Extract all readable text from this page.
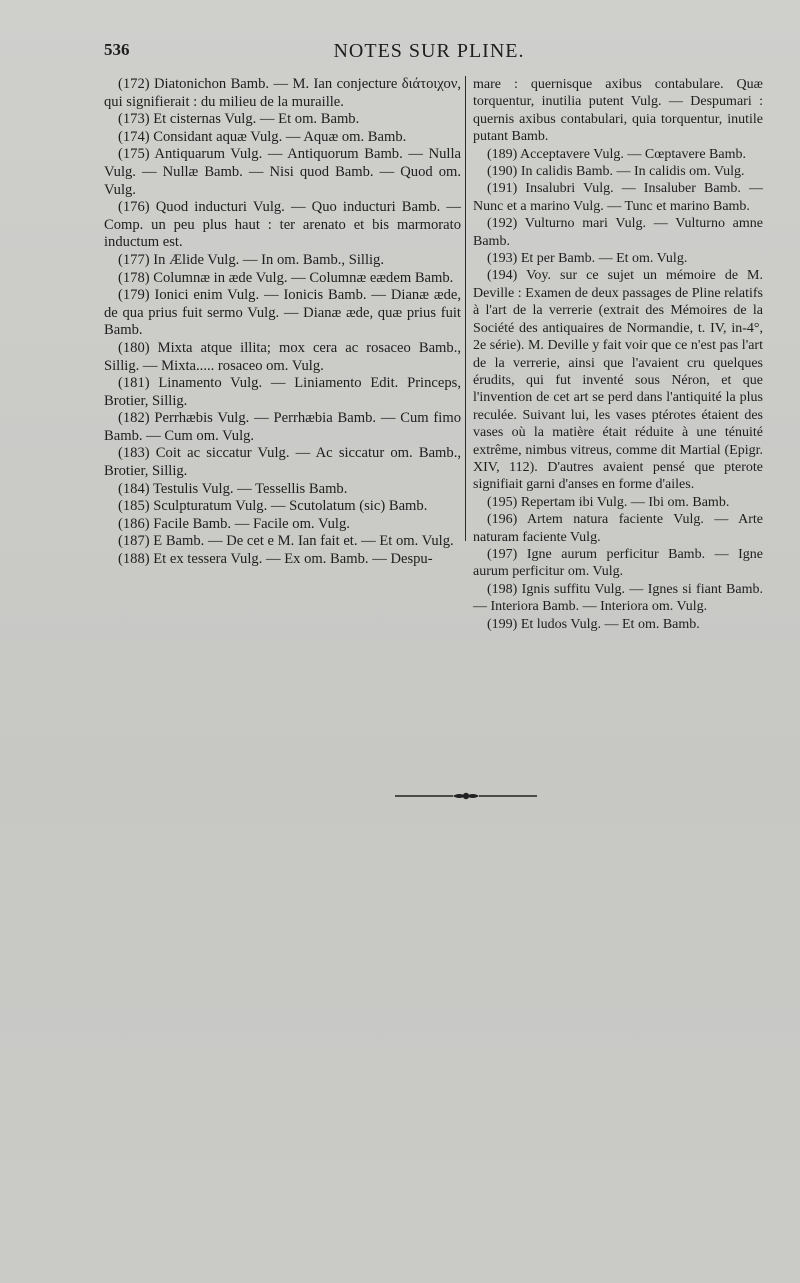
536	NOTES SUR PLINE.

(172) Diatonichon Bamb. — M. Ian conjecture διάτοιχον, qui signifierait : du milieu de la muraille.

(173) Et cisternas Vulg. — Et om. Bamb.

(174) Considant aquæ Vulg. — Aquæ om. Bamb.

(175) Antiquarum Vulg. — Antiquorum Bamb. — Nulla Vulg. — Nullæ Bamb. — Nisi quod Bamb. — Quod om. Vulg.

(176) Quod inducturi Vulg. — Quo inducturi Bamb. — Comp. un peu plus haut : ter arenato et bis marmorato inductum est.

(177) In Ælide Vulg. — In om. Bamb., Sillig.

(178) Columnæ in æde Vulg. — Columnæ eædem Bamb.

(179) Ionici enim Vulg. — Ionicis Bamb. — Dianæ æde, de qua prius fuit sermo Vulg. — Dianæ æde, quæ prius fuit Bamb.

(180) Mixta atque illita; mox cera ac rosaceo Bamb., Sillig. — Mixta..... rosaceo om. Vulg.

(181) Linamento Vulg. — Liniamento Edit. Princeps, Brotier, Sillig.

(182) Perrhæbis Vulg. — Perrhæbia Bamb. — Cum fimo Bamb. — Cum om. Vulg.

(183) Coit ac siccatur Vulg. — Ac siccatur om. Bamb., Brotier, Sillig.

(184) Testulis Vulg. — Tessellis Bamb.

(185) Sculpturatum Vulg. — Scutolatum (sic) Bamb.

(186) Facile Bamb. — Facile om. Vulg.

(187) E Bamb. — De cet e M. Ian fait et. — Et om. Vulg.

(188) Et ex tessera Vulg. — Ex om. Bamb. — Despu-

mare : quernisque axibus contabulare. Quæ torquentur, inutilia putent Vulg. — Despumari : quernis axibus contabulari, quia torquentur, inutile putant Bamb.

(189) Acceptavere Vulg. — Cœptavere Bamb.

(190) In calidis Bamb. — In calidis om. Vulg.

(191) Insalubri Vulg. — Insaluber Bamb. — Nunc et a marino Vulg. — Tunc et marino Bamb.

(192) Vulturno mari Vulg. — Vulturno amne Bamb.

(193) Et per Bamb. — Et om. Vulg.

(194) Voy. sur ce sujet un mémoire de M. Deville : Examen de deux passages de Pline relatifs à l'art de la verrerie (extrait des Mémoires de la Société des antiquaires de Normandie, t. IV, in-4°, 2e série). M. Deville y fait voir que ce n'est pas l'art de la verrerie, ainsi que l'avaient cru quelques érudits, qui fut inventé sous Néron, et que l'invention de cet art se perd dans l'antiquité la plus reculée. Suivant lui, les vases ptérotes étaient des vases où la matière était réduite à une ténuité extrême, nimbus vitreus, comme dit Martial (Epigr. XIV, 112). D'autres avaient pensé que pterote signifiait garni d'anses en forme d'ailes.

(195) Repertam ibi Vulg. — Ibi om. Bamb.

(196) Artem natura faciente Vulg. — Arte naturam faciente Vulg.

(197) Igne aurum perficitur Bamb. — Igne aurum perficitur om. Vulg.

(198) Ignis suffitu Vulg. — Ignes si fiant Bamb. — Interiora Bamb. — Interiora om. Vulg.

(199) Et ludos Vulg. — Et om. Bamb.
